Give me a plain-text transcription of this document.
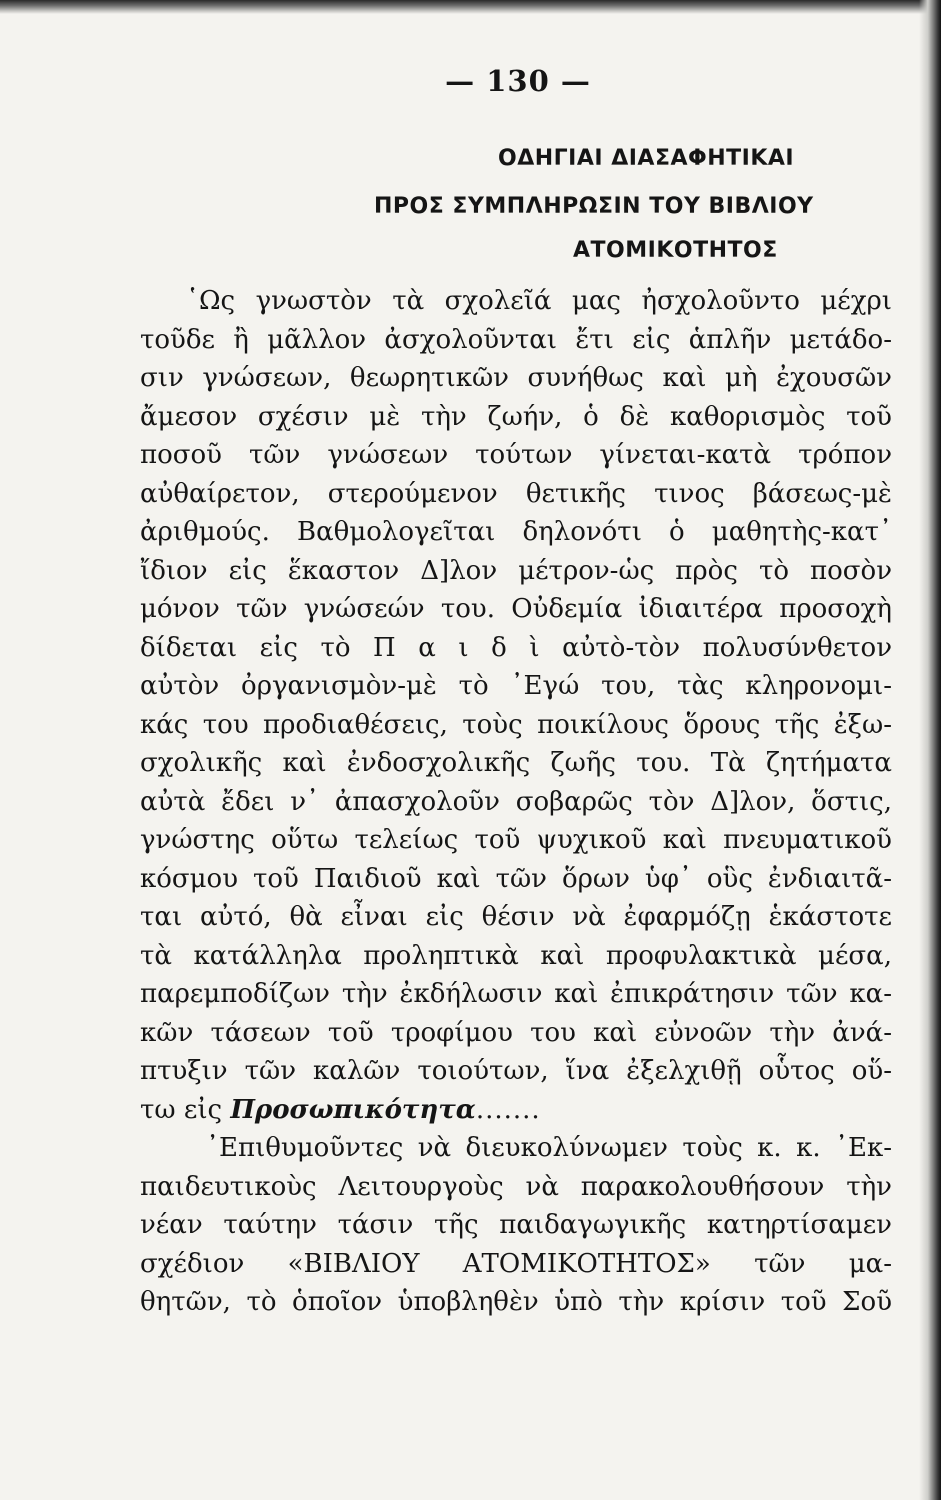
— 130 —
ΟΔΗΓΙΑΙ ΔΙΑΣΑΦΗΤΙΚΑΙ
ΠΡΟΣ ΣΥΜΠΛΗΡΩΣΙΝ ΤΟΥ ΒΙΒΛΙΟΥ
ΑΤΟΜΙΚΟΤΗΤΟΣ
῾Ως γνωστὸν τὰ σχολεῖά μας ἠσχολοῦντο μέχρι
τοῦδε ἢ μᾶλλον ἀσχολοῦνται ἔτι εἰς ἁπλῆν μετάδο-
σιν γνώσεων, θεωρητικῶν συνήθως καὶ μὴ ἐχουσῶν
ἄμεσον σχέσιν μὲ τὴν ζωήν, ὁ δὲ καθορισμὸς τοῦ
ποσοῦ τῶν γνώσεων τούτων γίνεται-κατὰ τρόπον
αὐθαίρετον, στερούμενον θετικῆς τινος βάσεως-μὲ
ἀριθμούς. Βαθμολογεῖται δηλονότι ὁ μαθητὴς-κατ᾽
ἴδιον εἰς ἕκαστον Δ]λον μέτρον-ὡς πρὸς τὸ ποσὸν
μόνον τῶν γνώσεών του. Οὐδεμία ἰδιαιτέρα προσοχὴ
δίδεται εἰς τὸ Π α ι δ ὶ αὐτὸ-τὸν πολυσύνθετον
αὐτὸν ὀργανισμὸν-μὲ τὸ ᾽Εγώ του, τὰς κληρονομι-
κάς του προδιαθέσεις, τοὺς ποικίλους ὅρους τῆς ἐξω-
σχολικῆς καὶ ἐνδοσχολικῆς ζωῆς του. Τὰ ζητήματα
αὐτὰ ἔδει ν᾽ ἀπασχολοῦν σοβαρῶς τὸν Δ]λον, ὅστις,
γνώστης οὕτω τελείως τοῦ ψυχικοῦ καὶ πνευματικοῦ
κόσμου τοῦ Παιδιοῦ καὶ τῶν ὅρων ὑφ᾽ οὓς ἐνδιαιτᾶ-
ται αὐτό, θὰ εἶναι εἰς θέσιν νὰ ἐφαρμόζῃ ἑκάστοτε
τὰ κατάλληλα προληπτικὰ καὶ προφυλακτικὰ μέσα,
παρεμποδίζων τὴν ἐκδήλωσιν καὶ ἐπικράτησιν τῶν κα-
κῶν τάσεων τοῦ τροφίμου του καὶ εὐνοῶν τὴν ἀνά-
πτυξιν τῶν καλῶν τοιούτων, ἵνα ἐξελχιθῇ οὗτος οὕ-
τω εἰς Προσωπικότητα.......
᾽Επιθυμοῦντες νὰ διευκολύνωμεν τοὺς κ. κ. ᾽Εκ-
παιδευτικοὺς Λειτουργοὺς νὰ παρακολουθήσουν τὴν
νέαν ταύτην τάσιν τῆς παιδαγωγικῆς κατηρτίσαμεν
σχέδιον «ΒΙΒΛΙΟΥ ΑΤΟΜΙΚΟΤΗΤΟΣ» τῶν μα-
θητῶν, τὸ ὁποῖον ὑποβληθὲν ὑπὸ τὴν κρίσιν τοῦ Σοῦ
